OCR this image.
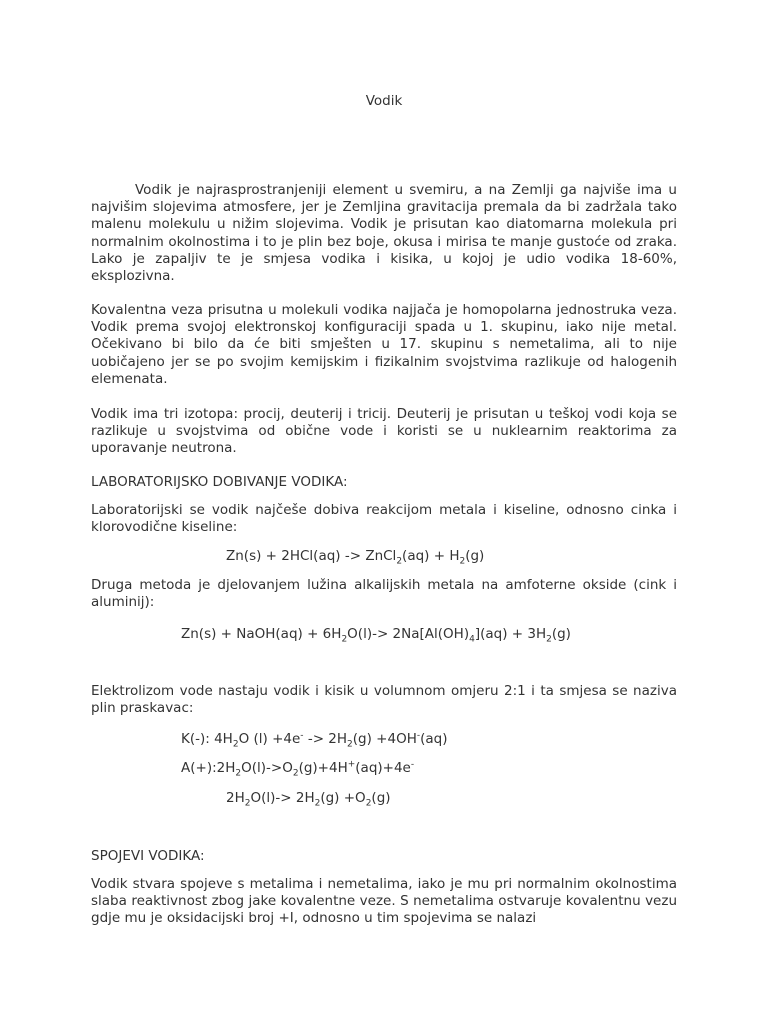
Vodik

Vodik je najrasprostranjeniji element u svemiru, a na Zemlji ga najviše ima u najvišim slojevima atmosfere, jer je Zemljina gravitacija premala da bi zadržala tako malenu molekulu u nižim slojevima. Vodik je prisutan kao diatomarna molekula pri normalnim okolnostima i to je plin bez boje, okusa i mirisa te manje gustoće od zraka. Lako je zapaljiv te je smjesa vodika i kisika, u kojoj je udio vodika 18-60%, eksplozivna.

Kovalentna veza prisutna u molekuli vodika najjača je homopolarna jednostruka veza. Vodik prema svojoj elektronskoj konfiguraciji spada u 1. skupinu, iako nije metal. Očekivano bi bilo da će biti smješten u 17. skupinu s nemetalima, ali to nije uobičajeno jer se po svojim kemijskim i fizikalnim svojstvima razlikuje od halogenih elemenata.

Vodik ima tri izotopa: procij, deuterij i tricij. Deuterij je prisutan u teškoj vodi koja se razlikuje u svojstvima od obične vode i koristi se u nuklearnim reaktorima za uporavanje neutrona.

LABORATORIJSKO DOBIVANJE VODIKA:

Laboratorijski se vodik najčeše dobiva reakcijom metala i kiseline, odnosno cinka i klorovodične kiseline:

Zn(s) + 2HCl(aq) -> ZnCl$_2$(aq) + $H_2(g)$

Druga metoda je djelovanjem lužina alkalijskih metala na amfoterne okside (cink i aluminij):

Zn(s) + NaOH(aq) + $6H_2O(l)-> 2Na[Al(OH)_4](aq) + 3H_2(g)$

Elektrolizom vode nastaju vodik i kisik u volumnom omjeru 2:1 i ta smjesa se naziva plin praskavac:

K(-): $4H_2O$ $(l) +4e^- -> 2H_2(g) +4OH^-(aq)$
$A(+):2H_2O(l)->O_2(g)+4H^+(aq)+4e^-$
$2H_2O(l)-> 2H_2(g) +O_2(g)$
SPOJEVI VODIKA:

Vodik stvara spojeve s metalima i nemetalima, iako je mu pri normalnim okolnostima slaba reaktivnost zbog jake kovalentne veze. S nemetalima ostvaruje kovalentnu vezu gdje mu je oksidacijski broj +I, odnosno u tim spojevima se nalazi
